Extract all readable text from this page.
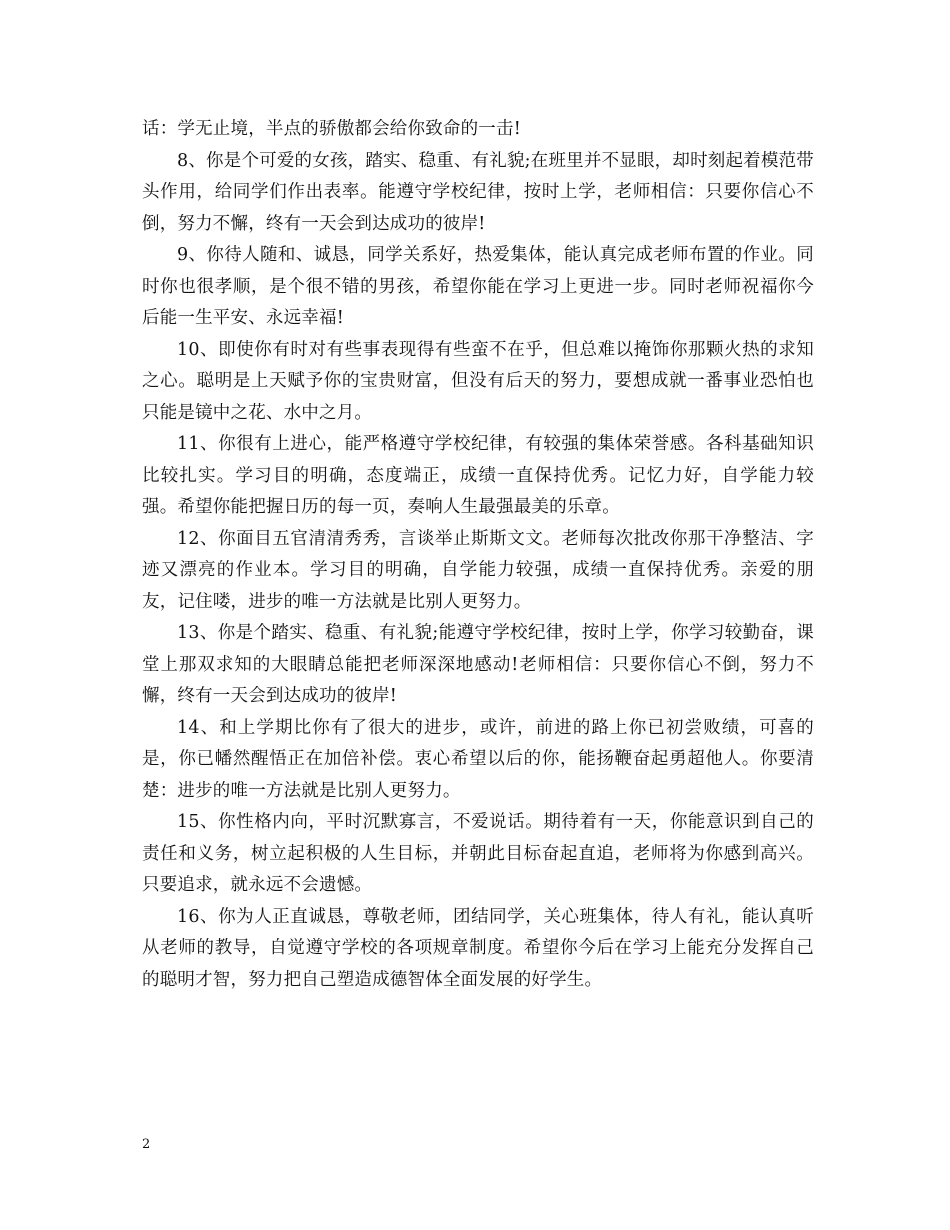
话：学无止境，半点的骄傲都会给你致命的一击!

8、你是个可爱的女孩，踏实、稳重、有礼貌;在班里并不显眼，却时刻起着模范带头作用，给同学们作出表率。能遵守学校纪律，按时上学，老师相信：只要你信心不倒，努力不懈，终有一天会到达成功的彼岸!

9、你待人随和、诚恳，同学关系好，热爱集体，能认真完成老师布置的作业。同时你也很孝顺，是个很不错的男孩，希望你能在学习上更进一步。同时老师祝福你今后能一生平安、永远幸福!

10、即使你有时对有些事表现得有些蛮不在乎，但总难以掩饰你那颗火热的求知之心。聪明是上天赋予你的宝贵财富，但没有后天的努力，要想成就一番事业恐怕也只能是镜中之花、水中之月。

11、你很有上进心，能严格遵守学校纪律，有较强的集体荣誉感。各科基础知识比较扎实。学习目的明确，态度端正，成绩一直保持优秀。记忆力好，自学能力较强。希望你能把握日历的每一页，奏响人生最强最美的乐章。

12、你面目五官清清秀秀，言谈举止斯斯文文。老师每次批改你那干净整洁、字迹又漂亮的作业本。学习目的明确，自学能力较强，成绩一直保持优秀。亲爱的朋友，记住喽，进步的唯一方法就是比别人更努力。

13、你是个踏实、稳重、有礼貌;能遵守学校纪律，按时上学，你学习较勤奋，课堂上那双求知的大眼睛总能把老师深深地感动!老师相信：只要你信心不倒，努力不懈，终有一天会到达成功的彼岸!

14、和上学期比你有了很大的进步，或许，前进的路上你已初尝败绩，可喜的是，你已幡然醒悟正在加倍补偿。衷心希望以后的你，能扬鞭奋起勇超他人。你要清楚：进步的唯一方法就是比别人更努力。

15、你性格内向，平时沉默寡言，不爱说话。期待着有一天，你能意识到自己的责任和义务，树立起积极的人生目标，并朝此目标奋起直追，老师将为你感到高兴。只要追求，就永远不会遗憾。

16、你为人正直诚恳，尊敬老师，团结同学，关心班集体，待人有礼，能认真听从老师的教导，自觉遵守学校的各项规章制度。希望你今后在学习上能充分发挥自己的聪明才智，努力把自己塑造成德智体全面发展的好学生。

2
